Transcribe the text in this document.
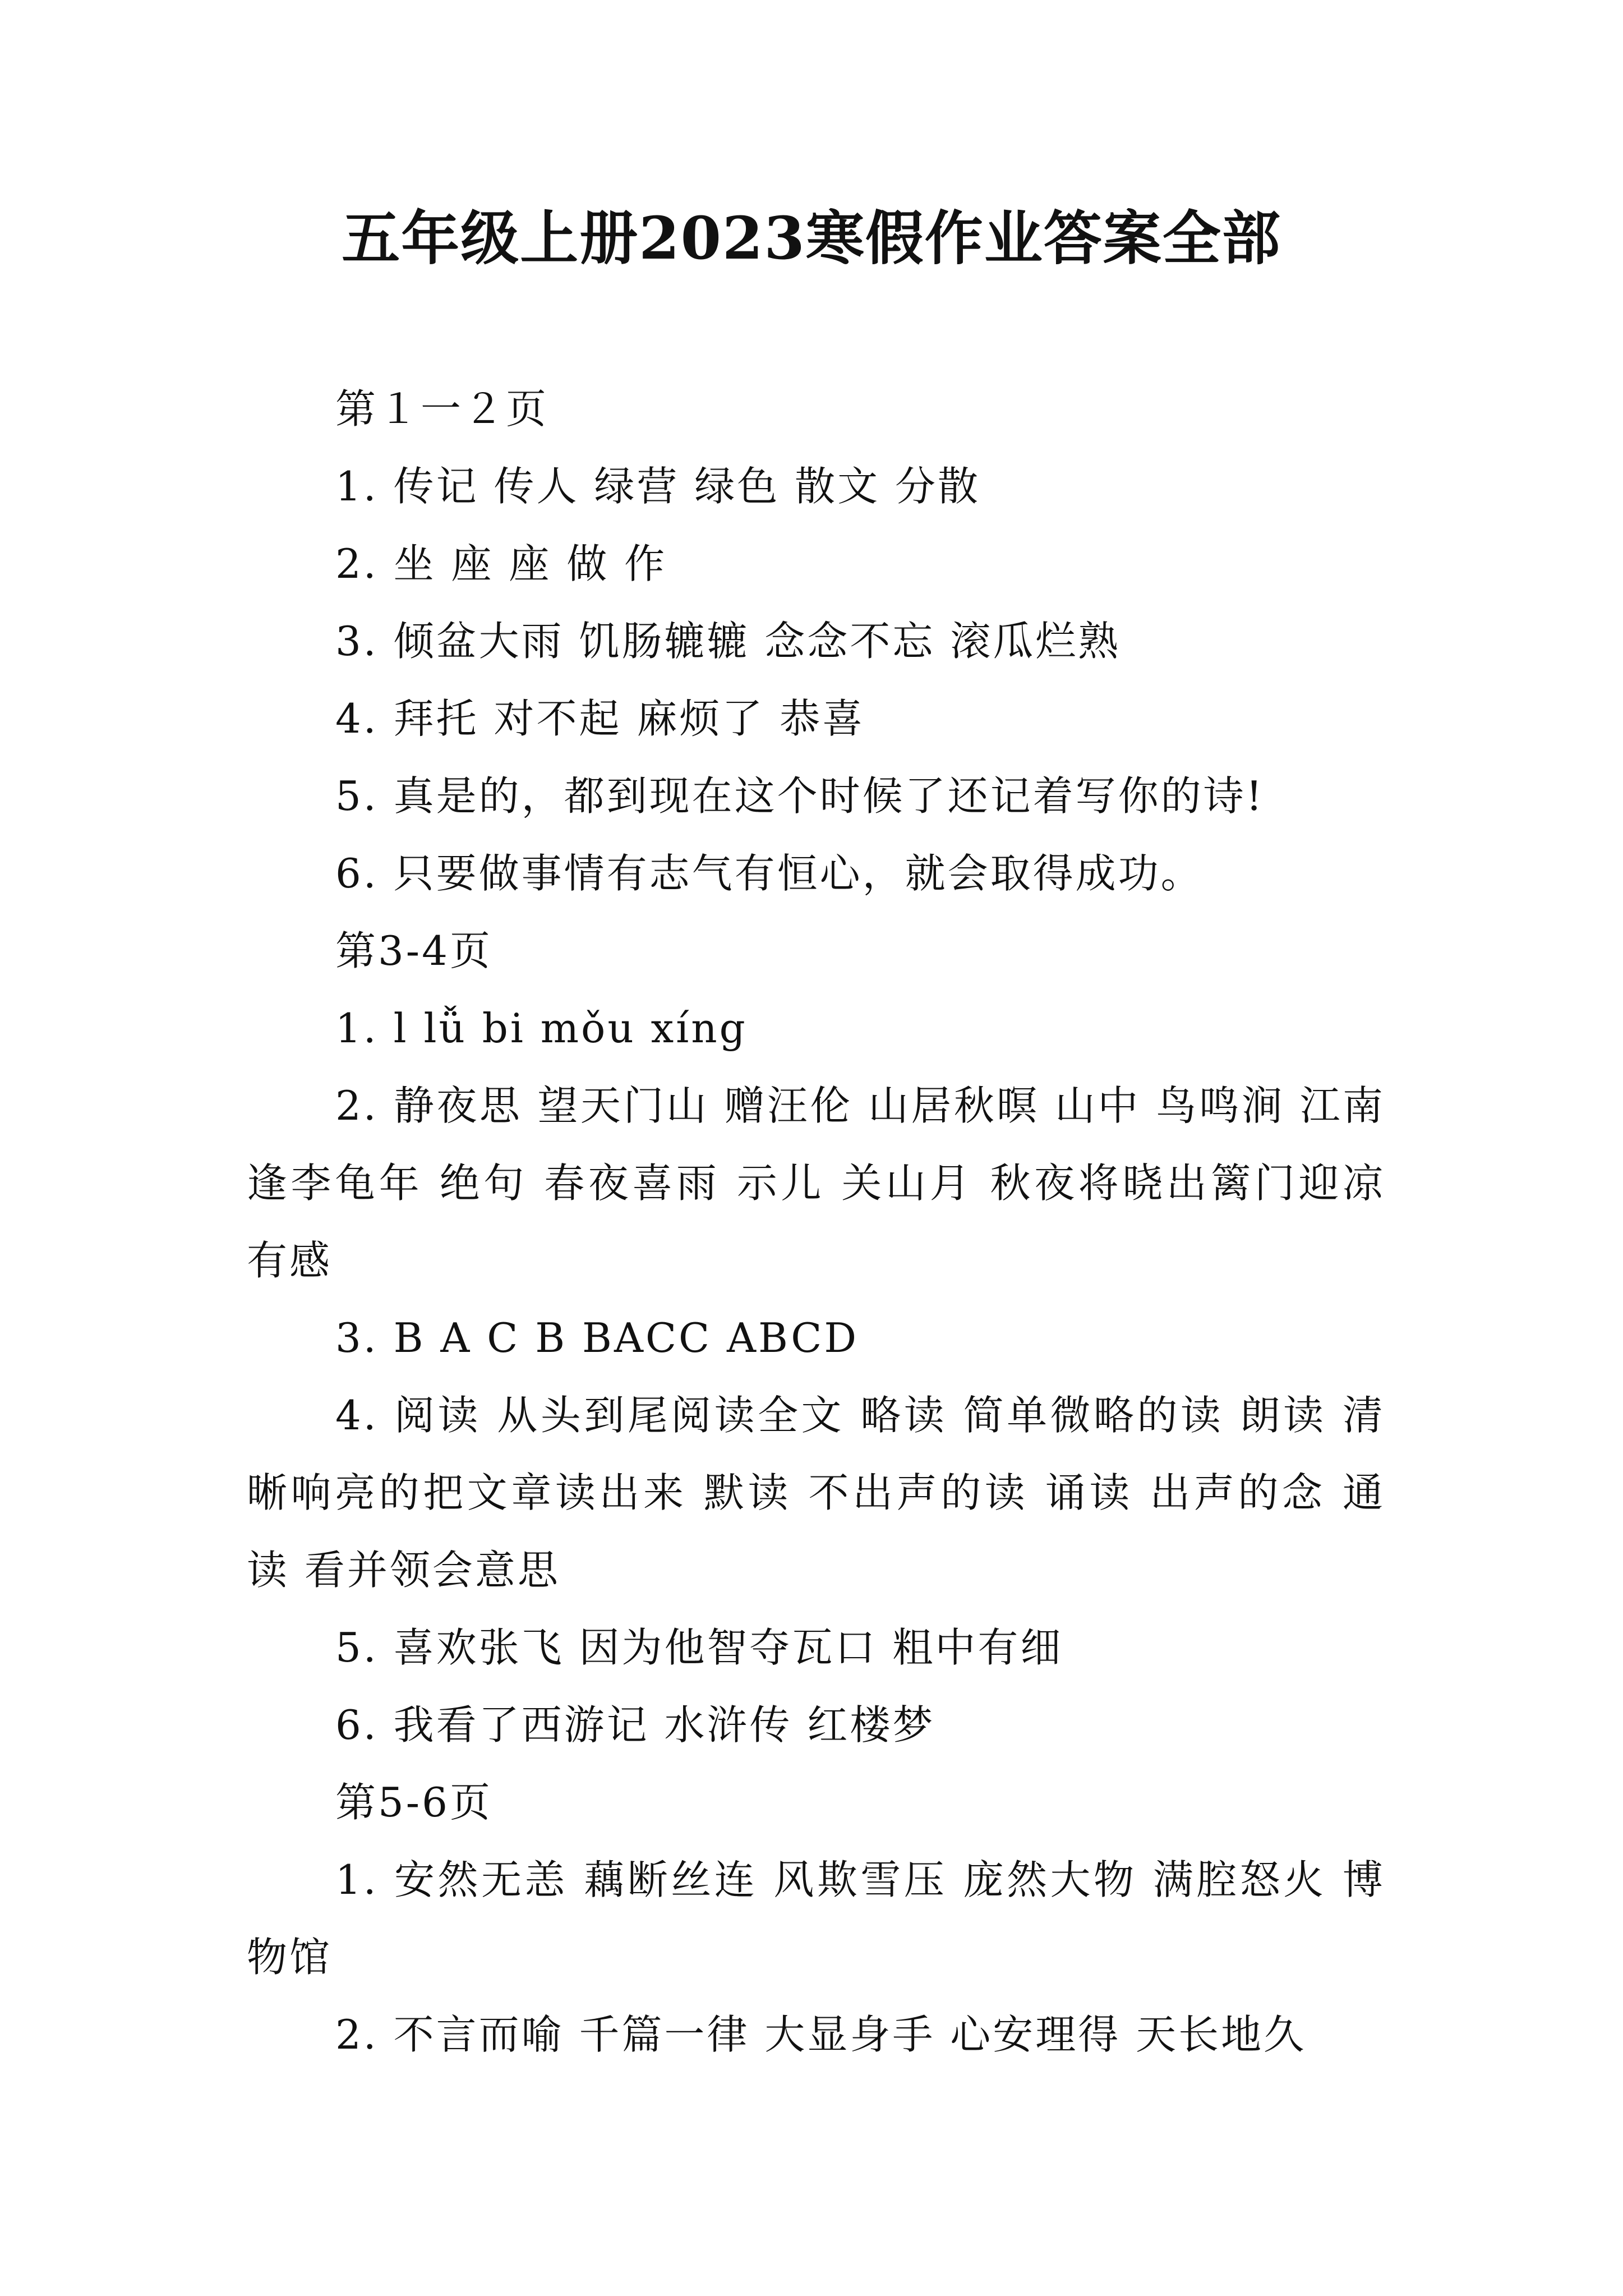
五年级上册2023寒假作业答案全部
第１一２页
1. 传记 传人 绿营 绿色 散文 分散
2. 坐 座 座 做 作
3. 倾盆大雨 饥肠辘辘 念念不忘 滚瓜烂熟
4. 拜托 对不起 麻烦了 恭喜
5. 真是的，都到现在这个时候了还记着写你的诗!
6. 只要做事情有志气有恒心，就会取得成功。
第3-4页
1. l lǚ bi mǒu xíng
2. 静夜思 望天门山 赠汪伦 山居秋暝 山中 鸟鸣涧 江南逢李龟年 绝句 春夜喜雨 示儿 关山月 秋夜将晓出篱门迎凉有感
3. B A C B BACC ABCD
4. 阅读 从头到尾阅读全文 略读 简单微略的读 朗读 清晰响亮的把文章读出来 默读 不出声的读 诵读 出声的念 通读 看并领会意思
5. 喜欢张飞 因为他智夺瓦口 粗中有细
6. 我看了西游记 水浒传 红楼梦
第5-6页
1. 安然无恙 藕断丝连 风欺雪压 庞然大物 满腔怒火 博物馆
2. 不言而喻 千篇一律 大显身手 心安理得 天长地久
